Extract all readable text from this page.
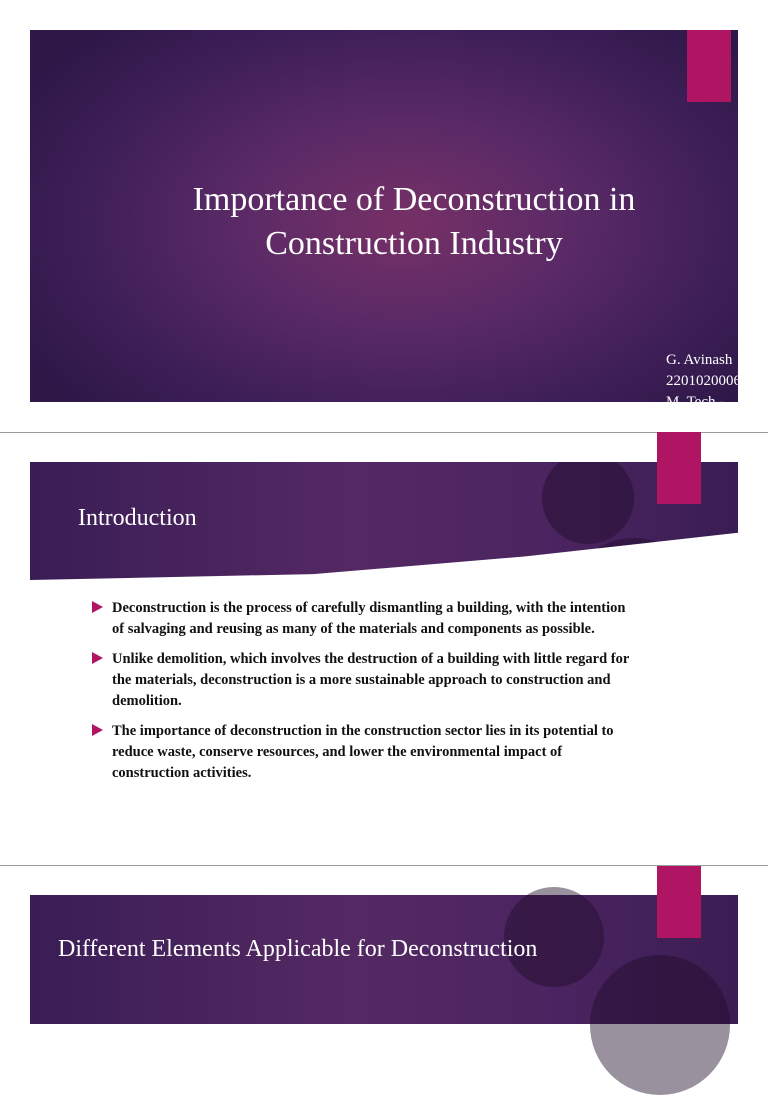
Importance of Deconstruction in
Construction Industry
G. Avinash
2201020006
M. Tech - SE
Introduction
Deconstruction is the process of carefully dismantling a building, with the intention of salvaging and reusing as many of the materials and components as possible.
Unlike demolition, which involves the destruction of a building with little regard for the materials, deconstruction is a more sustainable approach to construction and demolition.
The importance of deconstruction in the construction sector lies in its potential to reduce waste, conserve resources, and lower the environmental impact of construction activities.
Different Elements Applicable for Deconstruction
